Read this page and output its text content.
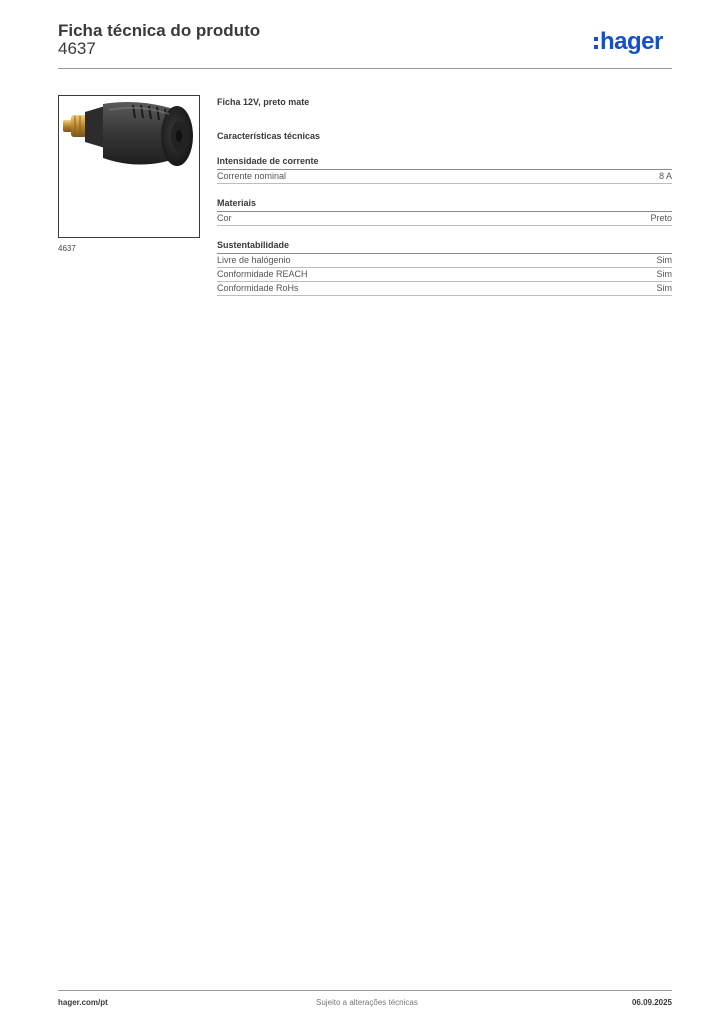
Ficha técnica do produto
4637	hager
4637

Ficha 12V, preto mate

Características técnicas
Intensidade de corrente
Corrente nominal	8 A
Materiais
Cor	Preto
Sustentabilidade
Livre de halógenio	Sim
Conformidade REACH	Sim
Conformidade RoHs	Sim
hager.com/pt	Sujeito a alterações técnicas	06.09.2025
